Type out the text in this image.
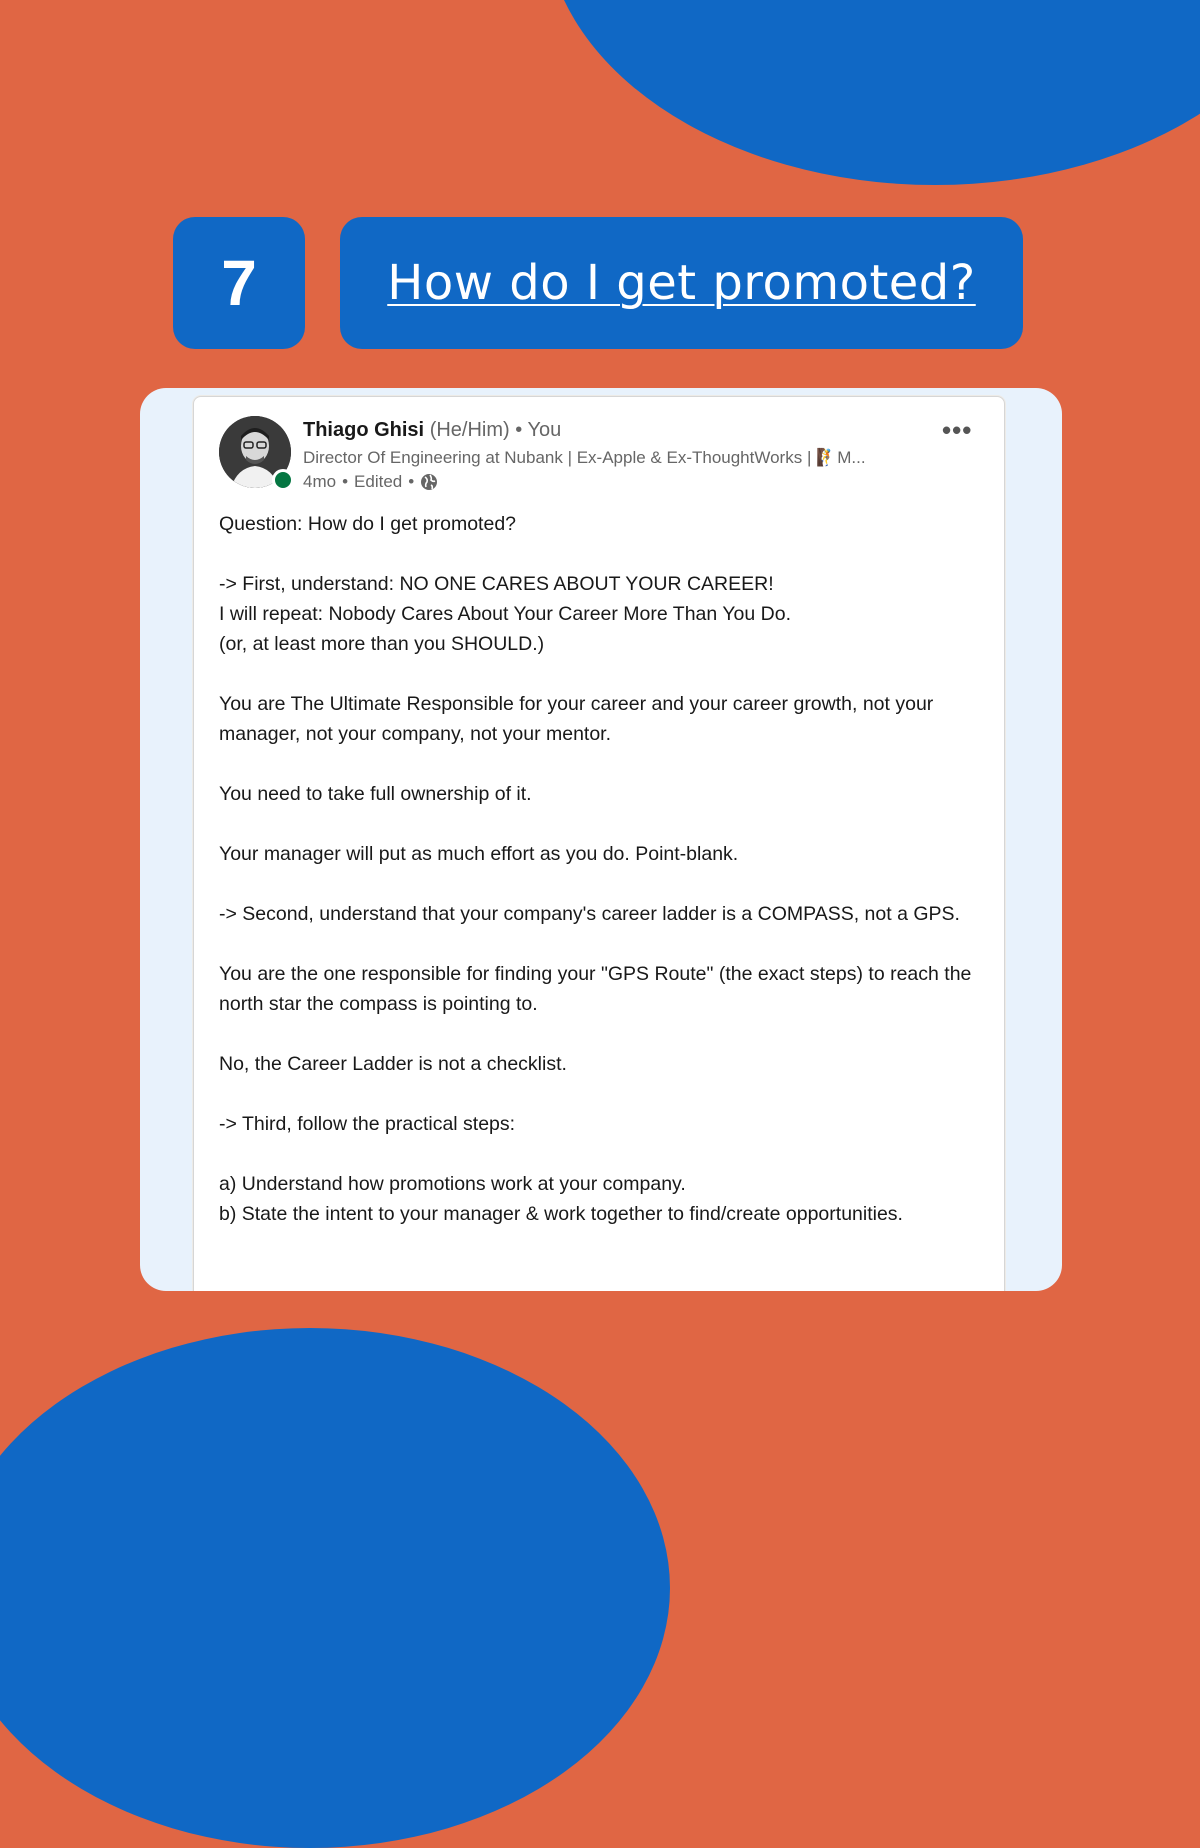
7	How do I get promoted?
Thiago Ghisi (He/Him) • You
Director Of Engineering at Nubank | Ex-Apple & Ex-ThoughtWorks | 🧗M...
4mo • Edited •
•••

Question: How do I get promoted?

-> First, understand: NO ONE CARES ABOUT YOUR CAREER!

I will repeat: Nobody Cares About Your Career More Than You Do.

(or, at least more than you SHOULD.)

You are The Ultimate Responsible for your career and your career growth, not your manager, not your company, not your mentor.

You need to take full ownership of it.

Your manager will put as much effort as you do. Point-blank.

-> Second, understand that your company's career ladder is a COMPASS, not a GPS.

You are the one responsible for finding your "GPS Route" (the exact steps) to reach the north star the compass is pointing to.

No, the Career Ladder is not a checklist.

-> Third, follow the practical steps:

a) Understand how promotions work at your company.

b) State the intent to your manager & work together to find/create opportunities.
